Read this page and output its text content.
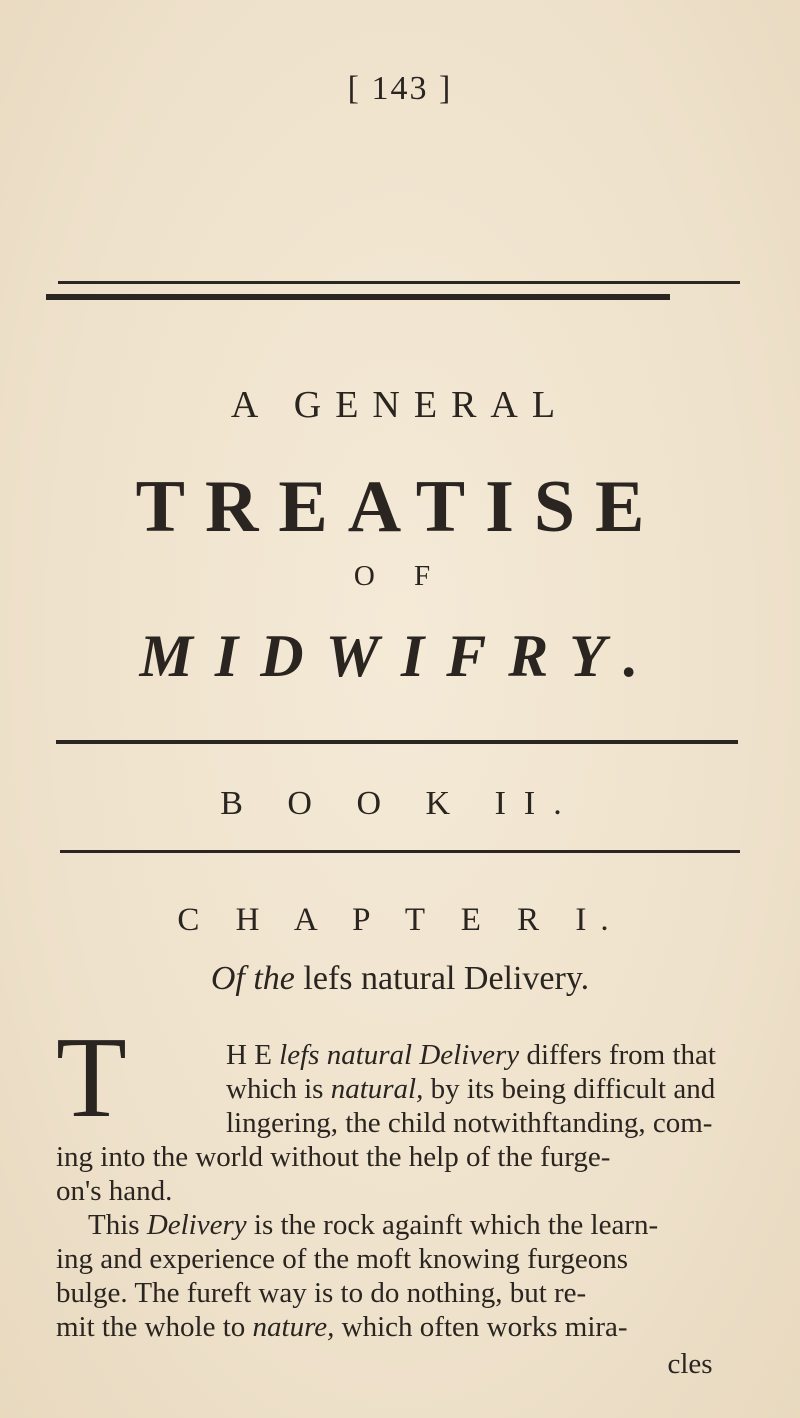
[ 143 ]
A GENERAL
TREATISE
O F
MIDWIFRY.
B O O K II.
C H A P T E R I.
Of the lefs natural Delivery.
T	H E lefs natural Delivery differs from that
which is natural, by its being difficult and
lingering, the child notwithftanding, com-
ing into the world without the help of the furge-
on's hand.
This Delivery is the rock againft which the learn-
ing and experience of the moft knowing furgeons
bulge. The fureft way is to do nothing, but re-
mit the whole to nature, which often works mira-
cles
